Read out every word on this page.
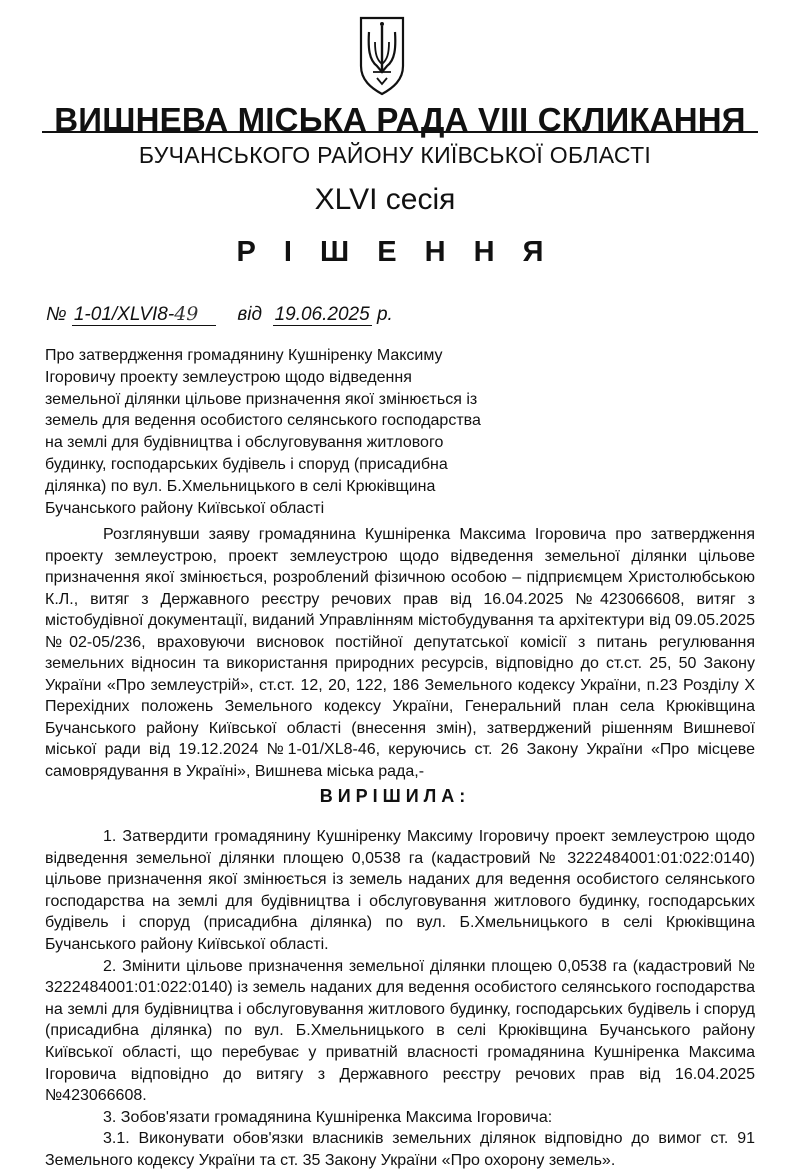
ВИШНЕВА МІСЬКА РАДА VIII СКЛИКАННЯ
БУЧАНСЬКОГО РАЙОНУ КИЇВСЬКОЇ ОБЛАСТІ
XLVI сесія
Р І Ш Е Н Н Я
№ 1-01/XLVI8-49 від 19.06.2025 р.
Про затвердження громадянину Кушніренку Максиму Ігоровичу проекту землеустрою щодо відведення земельної ділянки цільове призначення якої змінюється із земель для ведення особистого селянського господарства на землі для будівництва і обслуговування житлового будинку, господарських будівель і споруд (присадибна ділянка) по вул. Б.Хмельницького в селі Крюківщина Бучанського району Київської області
Розглянувши заяву громадянина Кушніренка Максима Ігоровича про затвердження проекту землеустрою, проект землеустрою щодо відведення земельної ділянки цільове призначення якої змінюється, розроблений фізичною особою – підприємцем Христолюбською К.Л., витяг з Державного реєстру речових прав від 16.04.2025 №423066608, витяг з містобудівної документації, виданий Управлінням містобудування та архітектури від 09.05.2025 №02-05/236, враховуючи висновок постійної депутатської комісії з питань регулювання земельних відносин та використання природних ресурсів, відповідно до ст.ст. 25, 50 Закону України «Про землеустрій», ст.ст. 12, 20, 122, 186 Земельного кодексу України, п.23 Розділу X Перехідних положень Земельного кодексу України, Генеральний план села Крюківщина Бучанського району Київської області (внесення змін), затверджений рішенням Вишневої міської ради від 19.12.2024 №1-01/XL8-46, керуючись ст. 26 Закону України «Про місцеве самоврядування в Україні», Вишнева міська рада,-
ВИРІШИЛА:

1. Затвердити громадянину Кушніренку Максиму Ігоровичу проект землеустрою щодо відведення земельної ділянки площею 0,0538 га (кадастровий № 3222484001:01:022:0140) цільове призначення якої змінюється із земель наданих для ведення особистого селянського господарства на землі для будівництва і обслуговування житлового будинку, господарських будівель і споруд (присадибна ділянка) по вул. Б.Хмельницького в селі Крюківщина Бучанського району Київської області.

2. Змінити цільове призначення земельної ділянки площею 0,0538 га (кадастровий № 3222484001:01:022:0140) із земель наданих для ведення особистого селянського господарства на землі для будівництва і обслуговування житлового будинку, господарських будівель і споруд (присадибна ділянка) по вул. Б.Хмельницького в селі Крюківщина Бучанського району Київської області, що перебуває у приватній власності громадянина Кушніренка Максима Ігоровича відповідно до витягу з Державного реєстру речових прав від 16.04.2025 №423066608.

3. Зобов'язати громадянина Кушніренка Максима Ігоровича:

3.1. Виконувати обов'язки власників земельних ділянок відповідно до вимог ст. 91 Земельного кодексу України та ст. 35 Закону України «Про охорону земель».
